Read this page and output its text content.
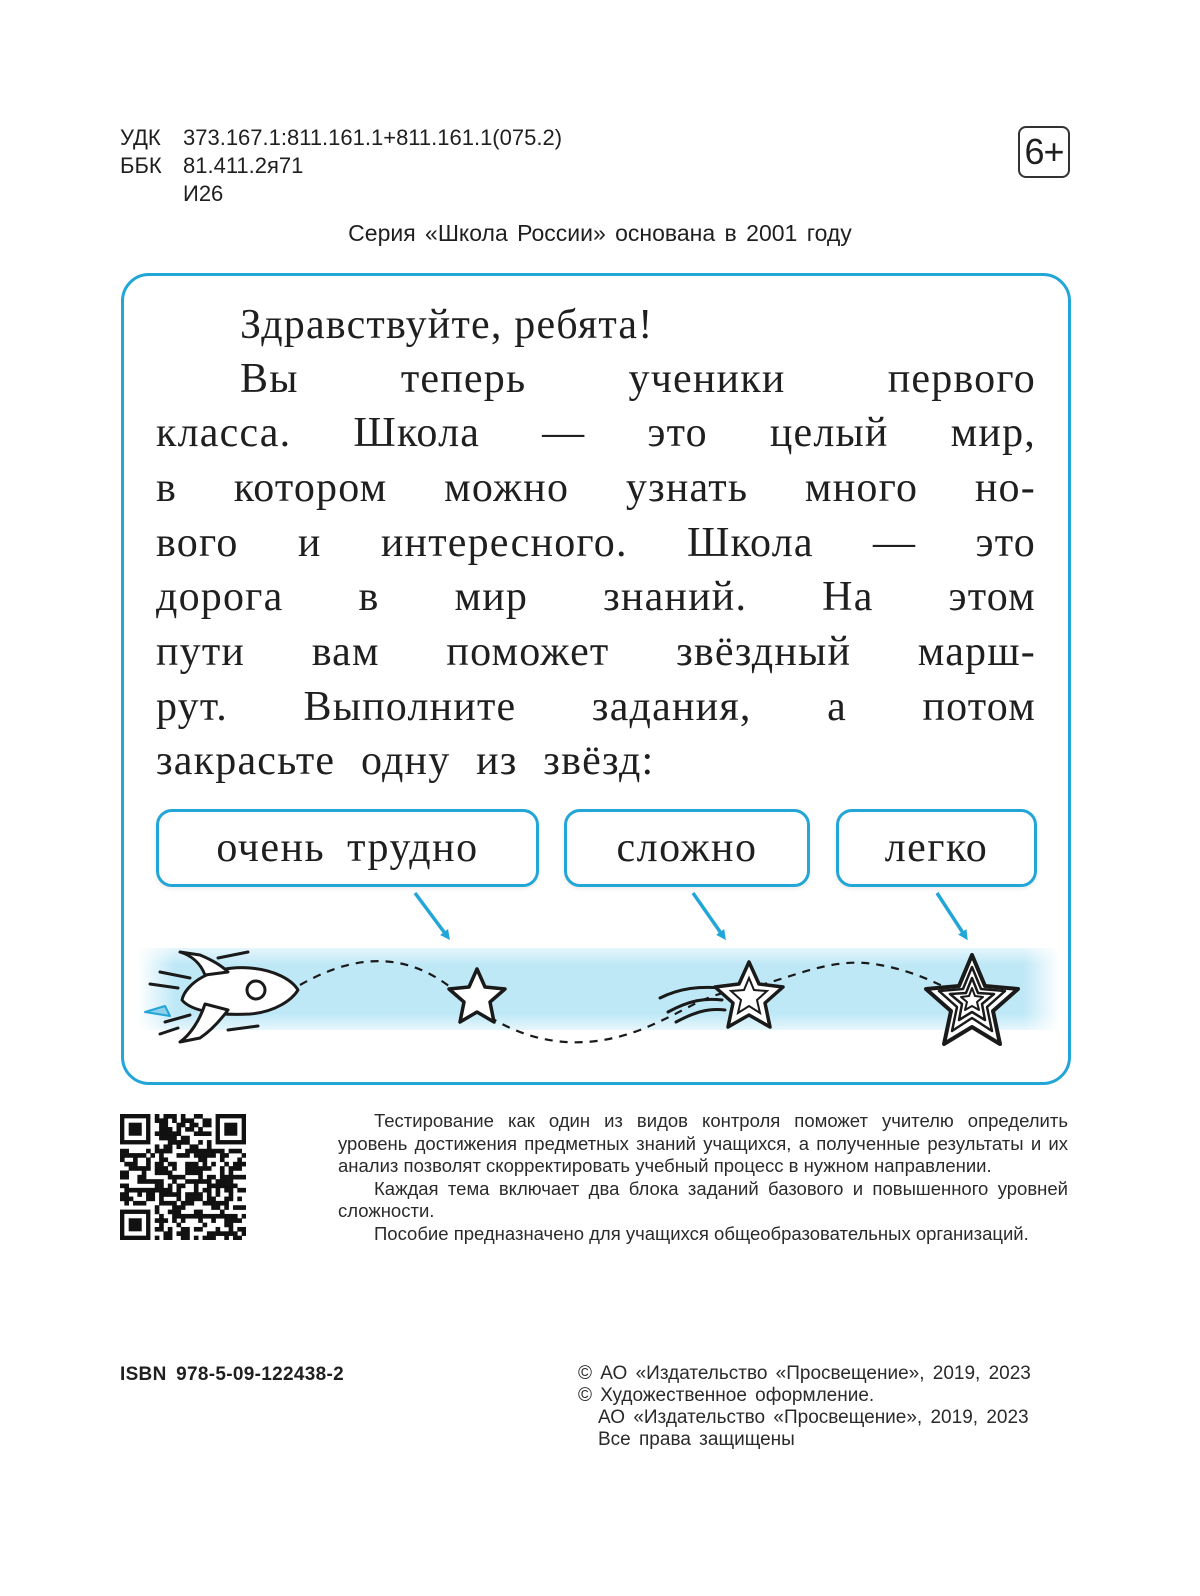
УДК 373.167.1:811.161.1+811.161.1(075.2)
ББК 81.411.2я71
И26
6+
Серия «Школа России» основана в 2001 году
Здравствуйте, ребята!
Вы теперь ученики первого
класса. Школа — это целый мир,
в котором можно узнать много но-
вого и интересного. Школа — это
дорога в мир знаний. На этом
пути вам поможет звёздный марш-
рут. Выполните задания, а потом
закрасьте одну из звёзд:
очень трудно	сложно	легко

Тестирование как один из видов контроля поможет учителю определить уровень достижения предметных знаний учащихся, а полученные результаты и их анализ позволят скорректировать учебный процесс в нужном направлении.

Каждая тема включает два блока заданий базового и повышенного уровней сложности.

Пособие предназначено для учащихся общеобразовательных организаций.

ISBN 978-5-09-122438-2	© АО «Издательство «Просвещение», 2019, 2023
© Художественное оформление.
АО «Издательство «Просвещение», 2019, 2023
Все права защищены
